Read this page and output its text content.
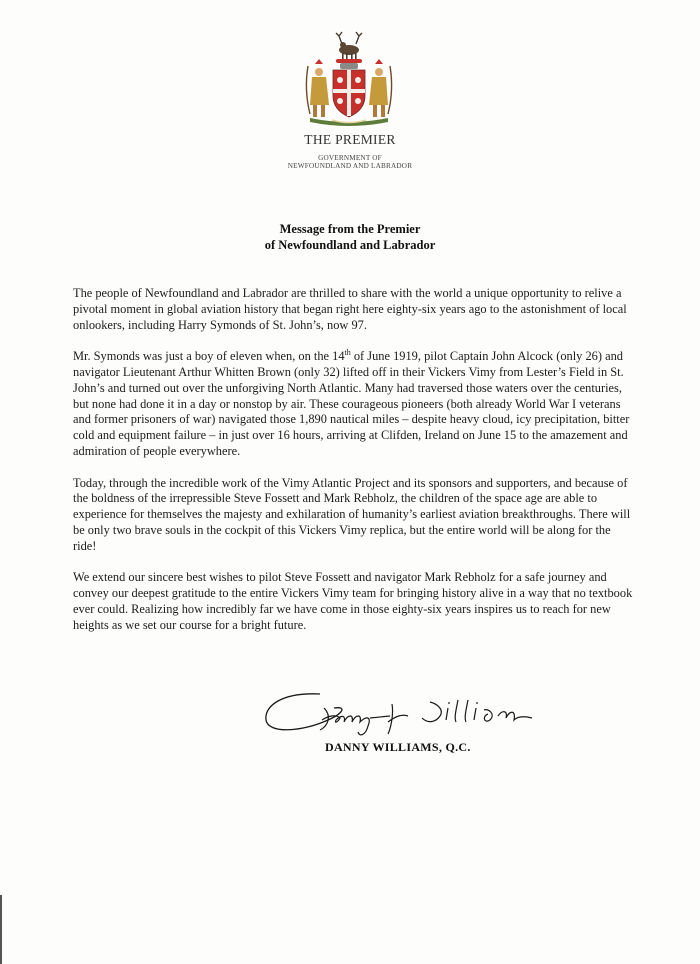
THE PREMIER
GOVERNMENT OF
NEWFOUNDLAND AND LABRADOR
Message from the Premier
of Newfoundland and Labrador

The people of Newfoundland and Labrador are thrilled to share with the world a unique opportunity to relive a pivotal moment in global aviation history that began right here eighty-six years ago to the astonishment of local onlookers, including Harry Symonds of St. John’s, now 97.

Mr. Symonds was just a boy of eleven when, on the 14th of June 1919, pilot Captain John Alcock (only 26) and navigator Lieutenant Arthur Whitten Brown (only 32) lifted off in their Vickers Vimy from Lester’s Field in St. John’s and turned out over the unforgiving North Atlantic. Many had traversed those waters over the centuries, but none had done it in a day or nonstop by air. These courageous pioneers (both already World War I veterans and former prisoners of war) navigated those 1,890 nautical miles – despite heavy cloud, icy precipitation, bitter cold and equipment failure – in just over 16 hours, arriving at Clifden, Ireland on June 15 to the amazement and admiration of people everywhere.

Today, through the incredible work of the Vimy Atlantic Project and its sponsors and supporters, and because of the boldness of the irrepressible Steve Fossett and Mark Rebholz, the children of the space age are able to experience for themselves the majesty and exhilaration of humanity’s earliest aviation breakthroughs. There will be only two brave souls in the cockpit of this Vickers Vimy replica, but the entire world will be along for the ride!

We extend our sincere best wishes to pilot Steve Fossett and navigator Mark Rebholz for a safe journey and convey our deepest gratitude to the entire Vickers Vimy team for bringing history alive in a way that no textbook ever could. Realizing how incredibly far we have come in those eighty-six years inspires us to reach for new heights as we set our course for a bright future.

DANNY WILLIAMS, Q.C.
